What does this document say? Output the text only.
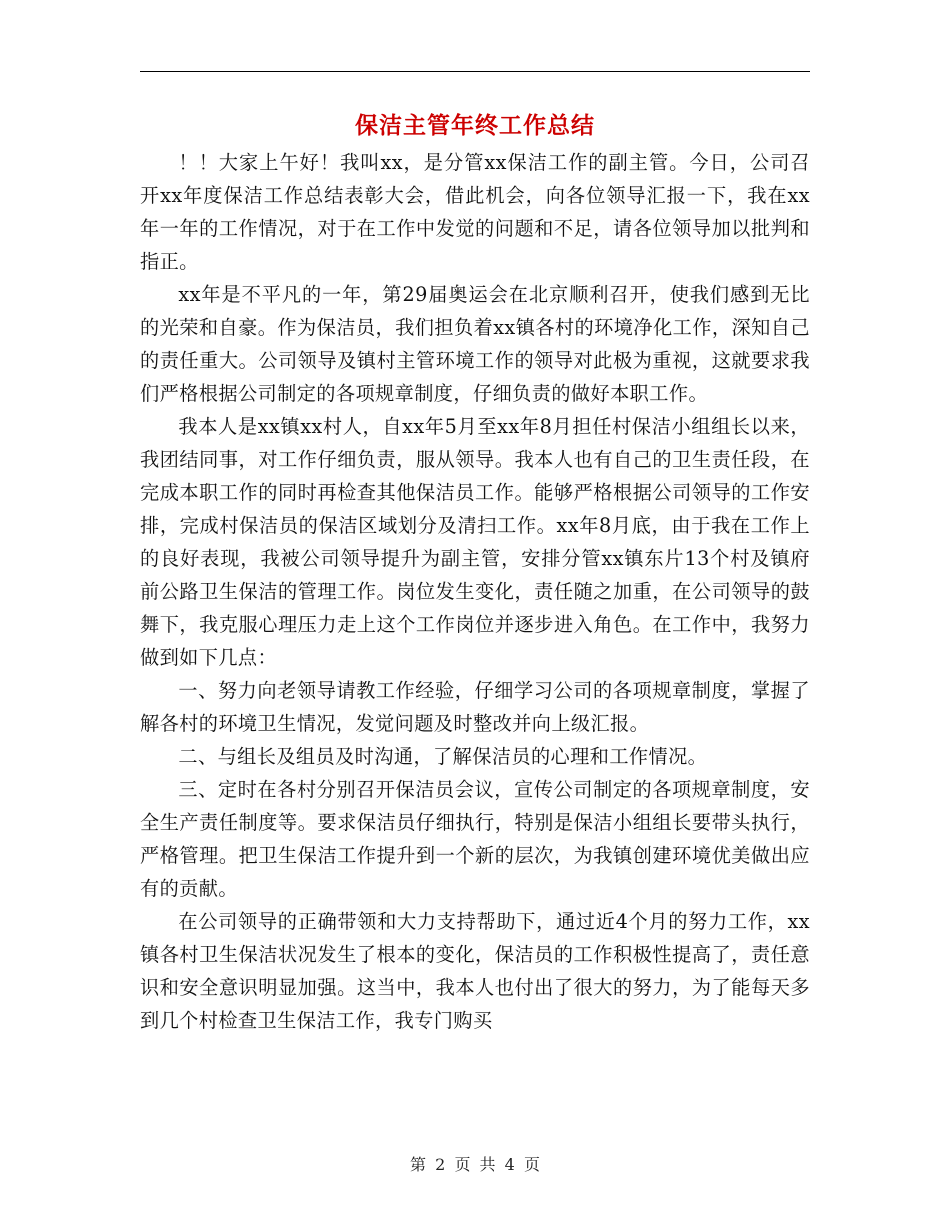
保洁主管年终工作总结

！！大家上午好！我叫xx，是分管xx保洁工作的副主管。今日，公司召开xx年度保洁工作总结表彰大会，借此机会，向各位领导汇报一下，我在xx年一年的工作情况，对于在工作中发觉的问题和不足，请各位领导加以批判和指正。

xx年是不平凡的一年，第29届奥运会在北京顺利召开，使我们感到无比的光荣和自豪。作为保洁员，我们担负着xx镇各村的环境净化工作，深知自己的责任重大。公司领导及镇村主管环境工作的领导对此极为重视，这就要求我们严格根据公司制定的各项规章制度，仔细负责的做好本职工作。

我本人是xx镇xx村人，自xx年5月至xx年8月担任村保洁小组组长以来，我团结同事，对工作仔细负责，服从领导。我本人也有自己的卫生责任段，在完成本职工作的同时再检查其他保洁员工作。能够严格根据公司领导的工作安排，完成村保洁员的保洁区域划分及清扫工作。xx年8月底，由于我在工作上的良好表现，我被公司领导提升为副主管，安排分管xx镇东片13个村及镇府前公路卫生保洁的管理工作。岗位发生变化，责任随之加重，在公司领导的鼓舞下，我克服心理压力走上这个工作岗位并逐步进入角色。在工作中，我努力做到如下几点：

一、努力向老领导请教工作经验，仔细学习公司的各项规章制度，掌握了解各村的环境卫生情况，发觉问题及时整改并向上级汇报。

二、与组长及组员及时沟通，了解保洁员的心理和工作情况。

三、定时在各村分别召开保洁员会议，宣传公司制定的各项规章制度，安全生产责任制度等。要求保洁员仔细执行，特别是保洁小组组长要带头执行，严格管理。把卫生保洁工作提升到一个新的层次，为我镇创建环境优美做出应有的贡献。

在公司领导的正确带领和大力支持帮助下，通过近4个月的努力工作，xx镇各村卫生保洁状况发生了根本的变化，保洁员的工作积极性提高了，责任意识和安全意识明显加强。这当中，我本人也付出了很大的努力，为了能每天多到几个村检查卫生保洁工作，我专门购买

第 2 页 共 4 页
